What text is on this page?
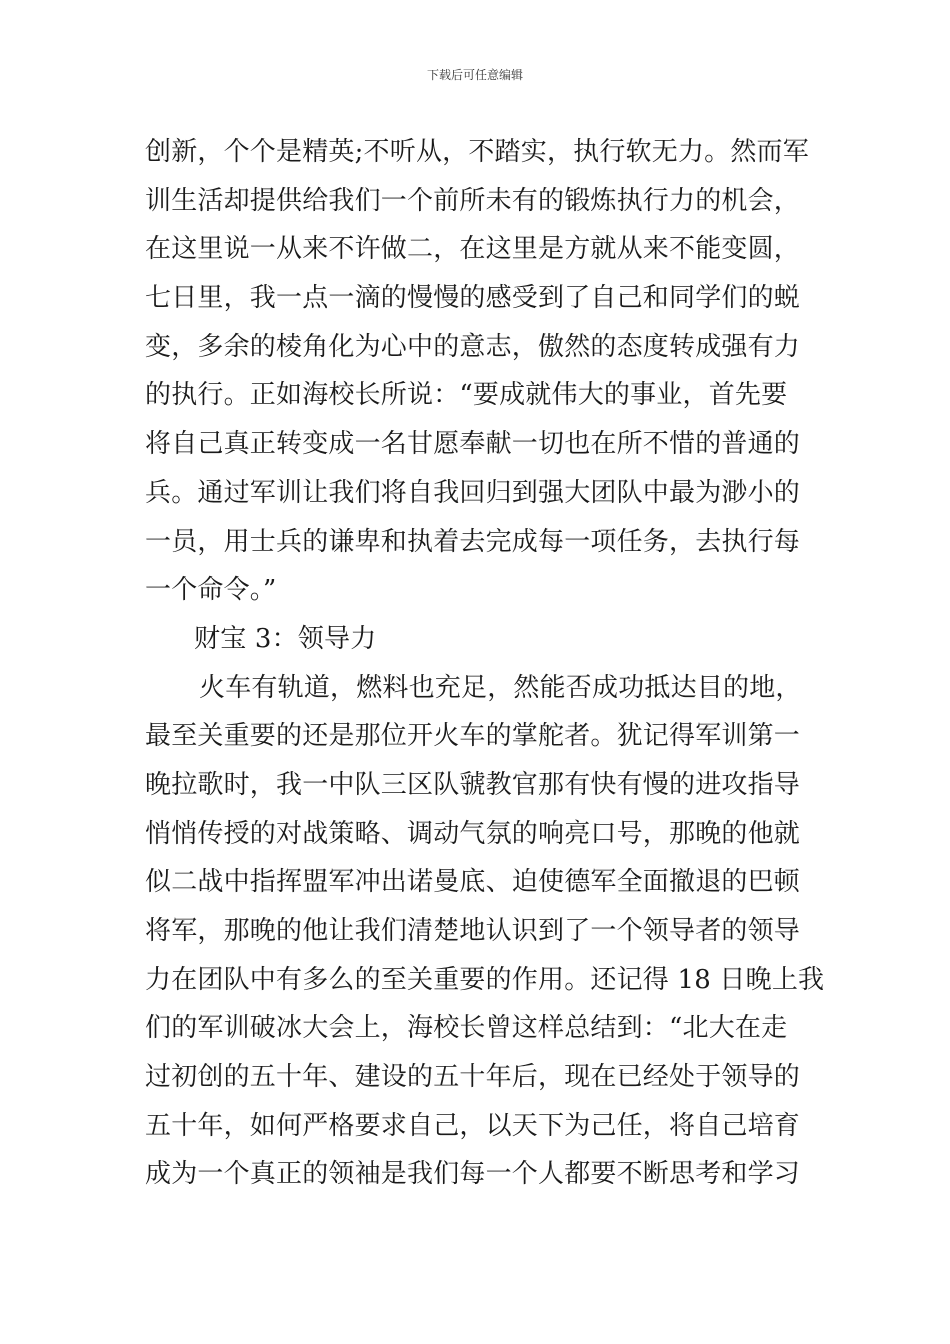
下载后可任意编辑
创新，个个是精英;不听从，不踏实，执行软无力。然而军
训生活却提供给我们一个前所未有的锻炼执行力的机会，
在这里说一从来不许做二，在这里是方就从来不能变圆，
七日里，我一点一滴的慢慢的感受到了自己和同学们的蜕
变，多余的棱角化为心中的意志，傲然的态度转成强有力
的执行。正如海校长所说：“要成就伟大的事业，首先要
将自己真正转变成一名甘愿奉献一切也在所不惜的普通的
兵。通过军训让我们将自我回归到强大团队中最为渺小的
一员，用士兵的谦卑和执着去完成每一项任务，去执行每
一个命令。”
财宝 3：领导力
火车有轨道，燃料也充足，然能否成功抵达目的地，
最至关重要的还是那位开火车的掌舵者。犹记得军训第一
晚拉歌时，我一中队三区队虢教官那有快有慢的进攻指导
悄悄传授的对战策略、调动气氛的响亮口号，那晚的他就
似二战中指挥盟军冲出诺曼底、迫使德军全面撤退的巴顿
将军，那晚的他让我们清楚地认识到了一个领导者的领导
力在团队中有多么的至关重要的作用。还记得 18 日晚上我
们的军训破冰大会上，海校长曾这样总结到：“北大在走
过初创的五十年、建设的五十年后，现在已经处于领导的
五十年，如何严格要求自己，以天下为己任，将自己培育
成为一个真正的领袖是我们每一个人都要不断思考和学习
